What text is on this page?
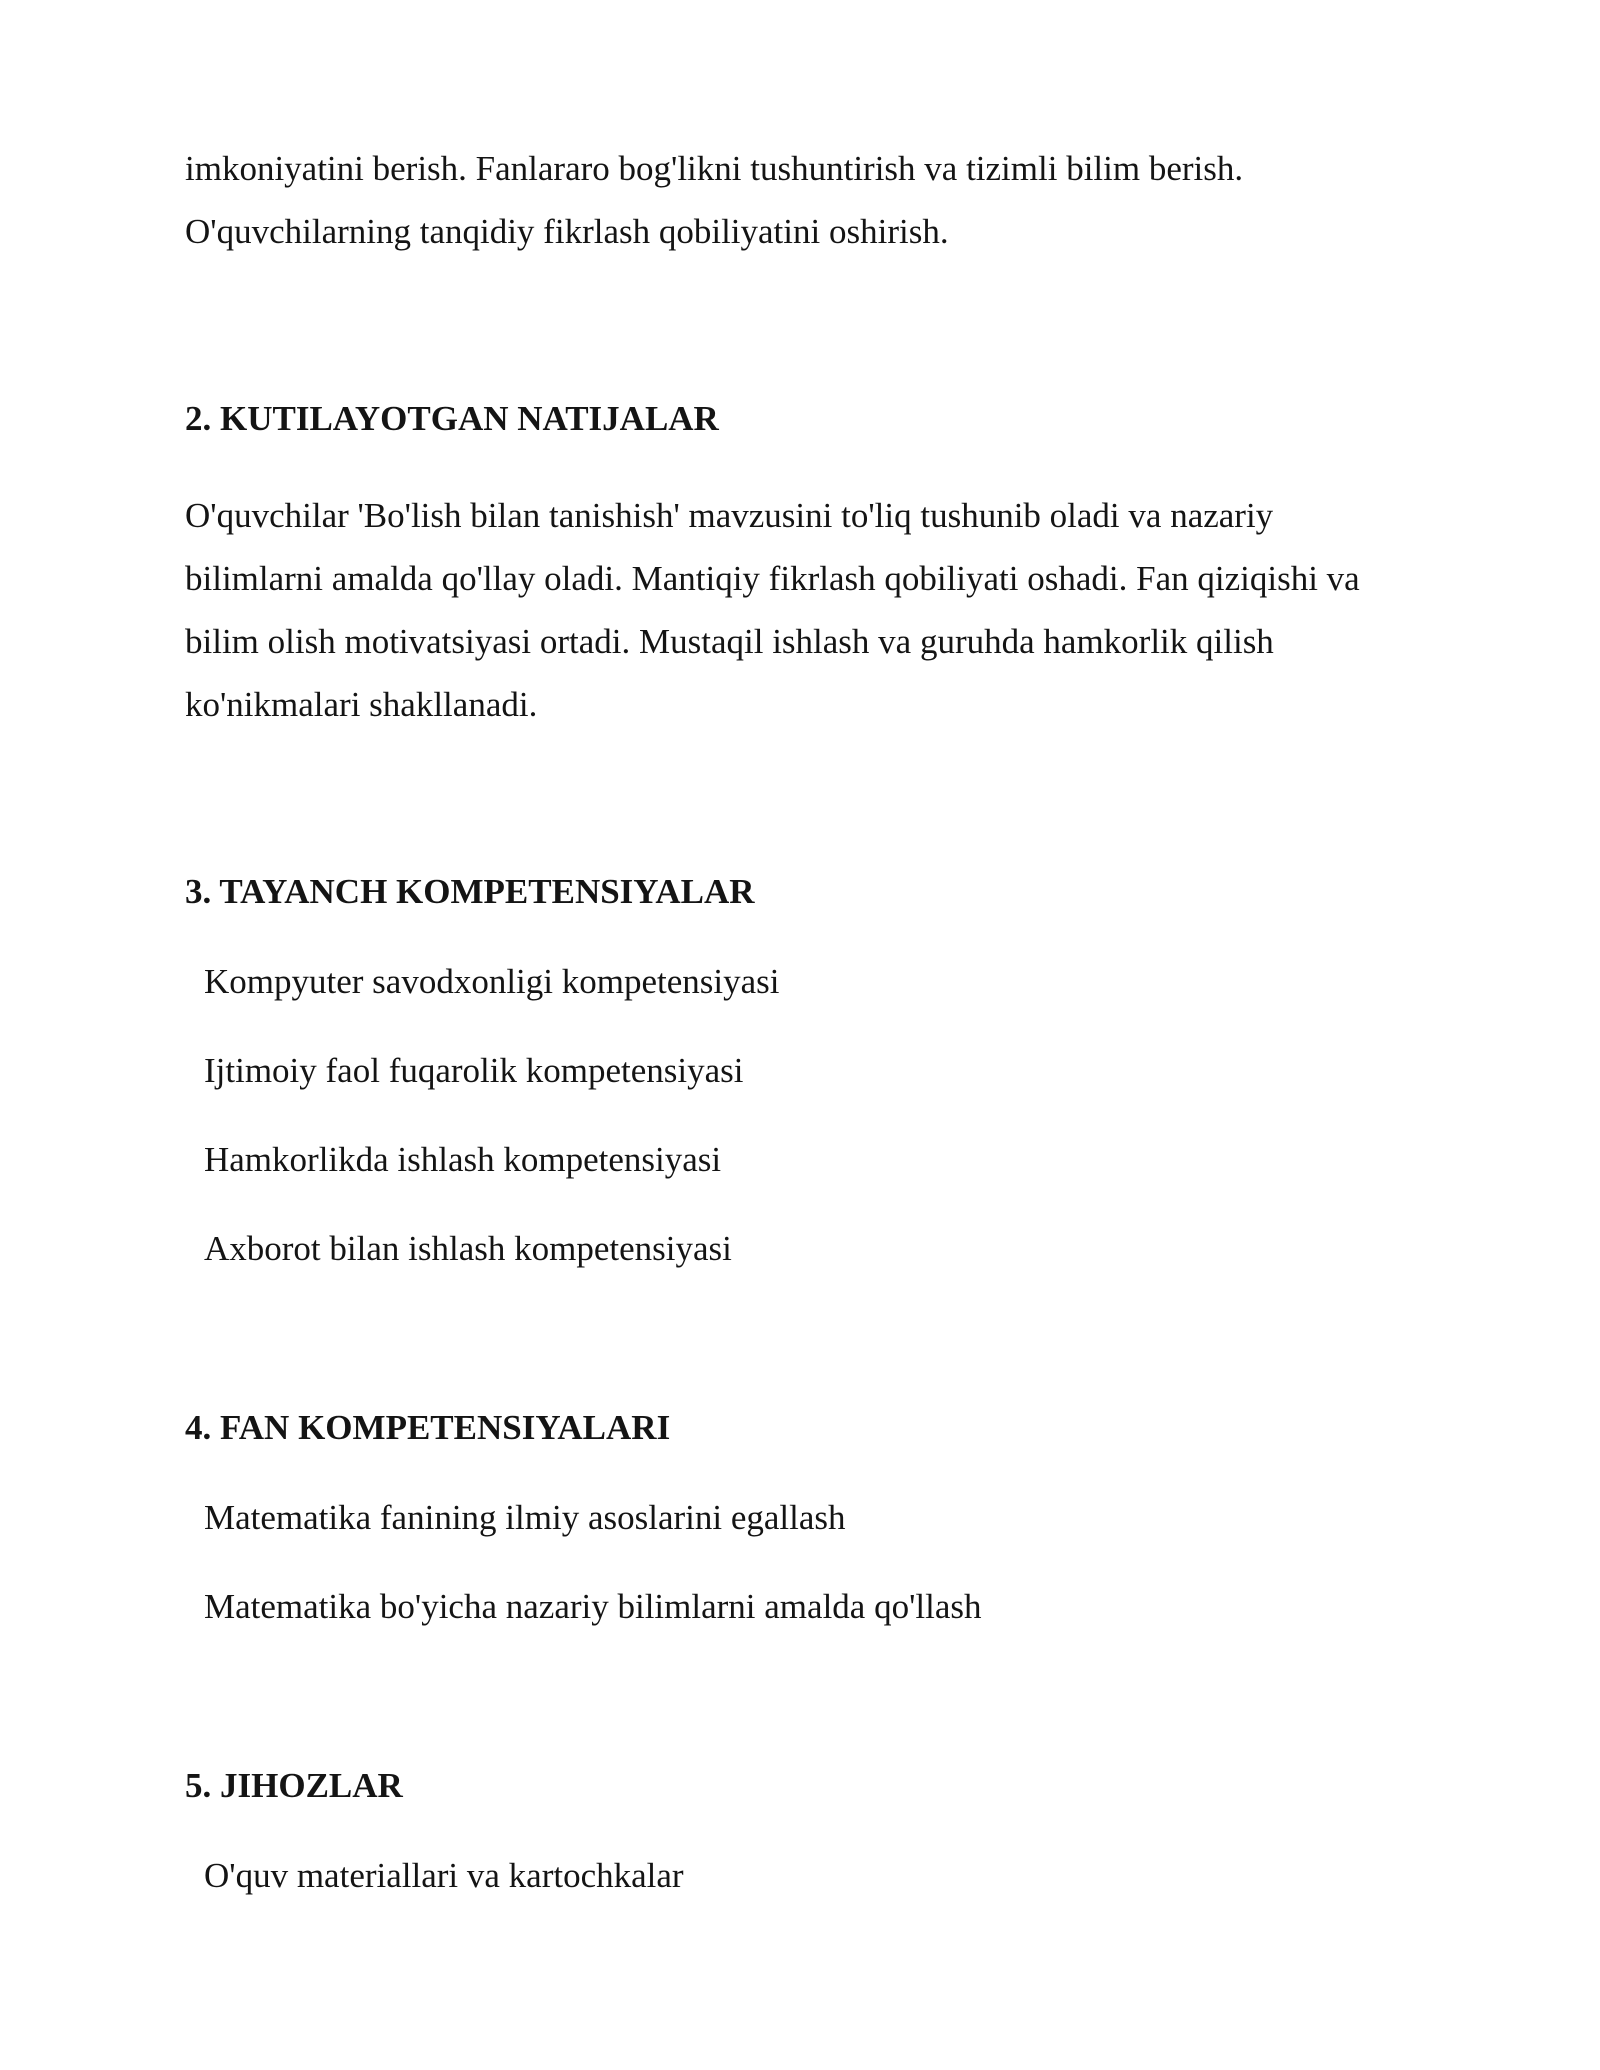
imkoniyatini berish. Fanlararo bog'likni tushuntirish va tizimli bilim berish.

O'quvchilarning tanqidiy fikrlash qobiliyatini oshirish.

2. KUTILAYOTGAN NATIJALAR

O'quvchilar 'Bo'lish bilan tanishish' mavzusini to'liq tushunib oladi va nazariy

bilimlarni amalda qo'llay oladi. Mantiqiy fikrlash qobiliyati oshadi. Fan qiziqishi va

bilim olish motivatsiyasi ortadi. Mustaqil ishlash va guruhda hamkorlik qilish

ko'nikmalari shakllanadi.

3. TAYANCH KOMPETENSIYALAR

Kompyuter savodxonligi kompetensiyasi

Ijtimoiy faol fuqarolik kompetensiyasi

Hamkorlikda ishlash kompetensiyasi

Axborot bilan ishlash kompetensiyasi

4. FAN KOMPETENSIYALARI

Matematika fanining ilmiy asoslarini egallash

Matematika bo'yicha nazariy bilimlarni amalda qo'llash

5. JIHOZLAR

O'quv materiallari va kartochkalar
